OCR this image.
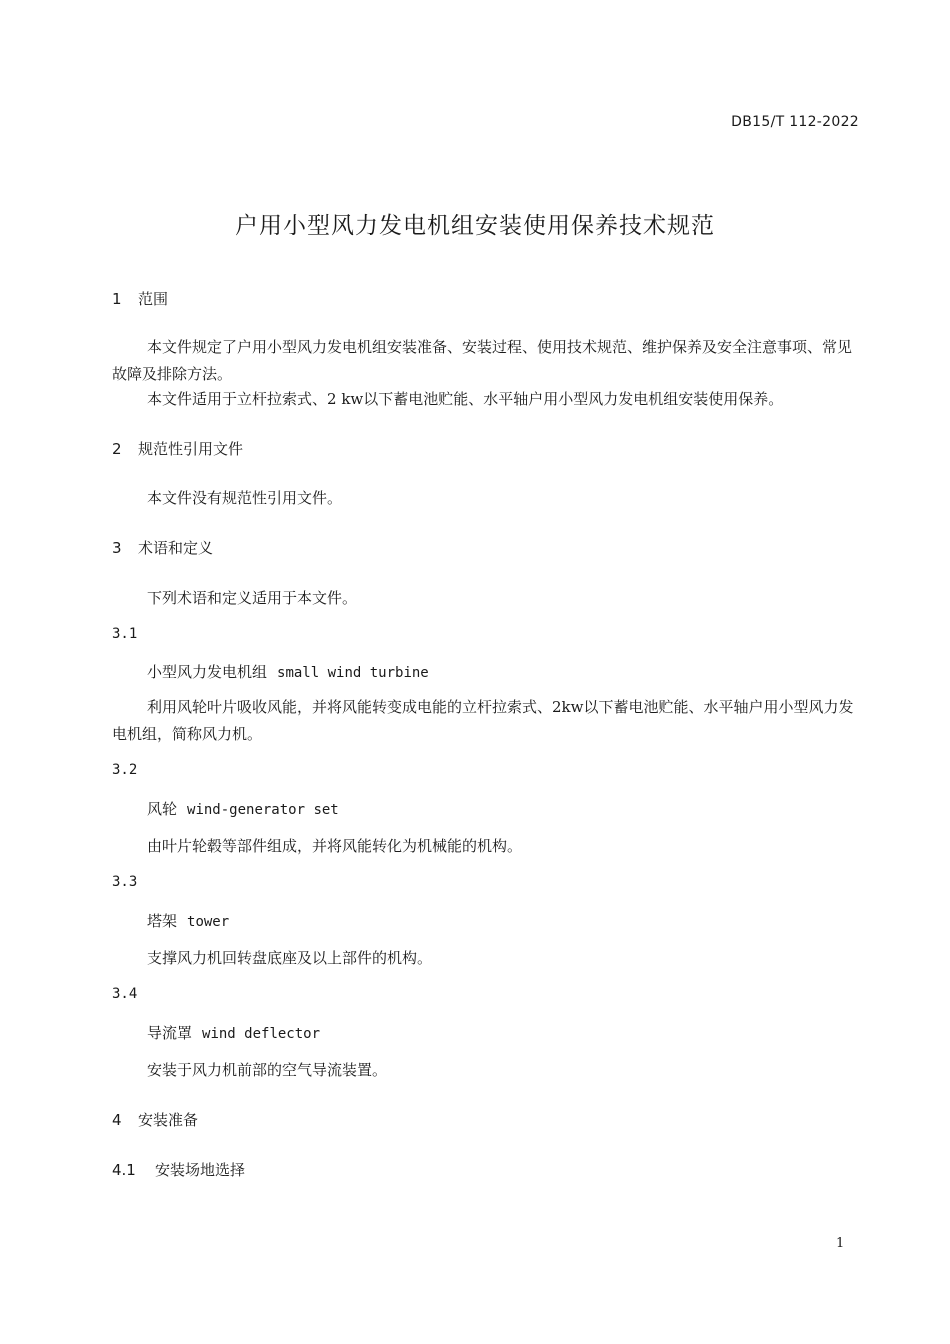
DB15/T 112-2022
户用小型风力发电机组安装使用保养技术规范
1 范围
本文件规定了户用小型风力发电机组安装准备、安装过程、使用技术规范、维护保养及安全注意事项、常见故障及排除方法。
本文件适用于立杆拉索式、2 kw以下蓄电池贮能、水平轴户用小型风力发电机组安装使用保养。
2 规范性引用文件
本文件没有规范性引用文件。
3 术语和定义
下列术语和定义适用于本文件。
3.1
小型风力发电机组 small wind turbine
利用风轮叶片吸收风能，并将风能转变成电能的立杆拉索式、2kw以下蓄电池贮能、水平轴户用小型风力发电机组，简称风力机。
3.2
风轮 wind-generator set
由叶片轮毂等部件组成，并将风能转化为机械能的机构。
3.3
塔架 tower
支撑风力机回转盘底座及以上部件的机构。
3.4
导流罩 wind deflector
安装于风力机前部的空气导流装置。
4 安装准备
4.1 安装场地选择
1
